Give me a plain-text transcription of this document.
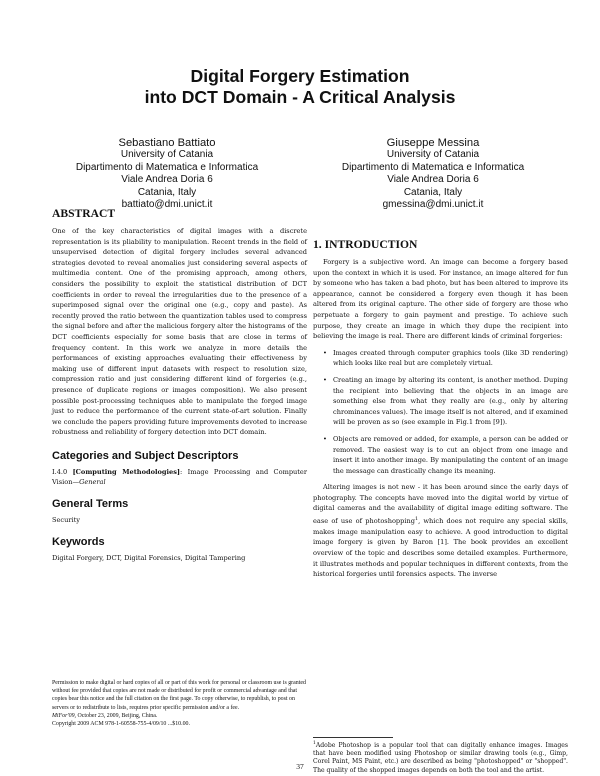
Digital Forgery Estimation
into DCT Domain - A Critical Analysis
Sebastiano Battiato
University of Catania
Dipartimento di Matematica e Informatica
Viale Andrea Doria 6
Catania, Italy
battiato@dmi.unict.it
Giuseppe Messina
University of Catania
Dipartimento di Matematica e Informatica
Viale Andrea Doria 6
Catania, Italy
gmessina@dmi.unict.it
ABSTRACT

One of the key characteristics of digital images with a discrete representation is its pliability to manipulation. Recent trends in the field of unsupervised detection of digital forgery includes several advanced strategies devoted to reveal anomalies just considering several aspects of multimedia content. One of the promising approach, among others, considers the possibility to exploit the statistical distribution of DCT coefficients in order to reveal the irregularities due to the presence of a superimposed signal over the original one (e.g., copy and paste). As recently proved the ratio between the quantization tables used to compress the signal before and after the malicious forgery alter the histograms of the DCT coefficients especially for some basis that are close in terms of frequency content. In this work we analyze in more details the performances of existing approaches evaluating their effectiveness by making use of different input datasets with respect to resolution size, compression ratio and just considering different kind of forgeries (e.g., presence of duplicate regions or images composition). We also present possible post-processing techniques able to manipulate the forged image just to reduce the performance of the current state-of-art solution. Finally we conclude the papers providing future improvements devoted to increase robustness and reliability of forgery detection into DCT domain.

Categories and Subject Descriptors

I.4.0 [Computing Methodologies]: Image Processing and Computer Vision—General

General Terms

Security

Keywords

Digital Forgery, DCT, Digital Forensics, Digital Tampering

Permission to make digital or hard copies of all or part of this work for personal or classroom use is granted without fee provided that copies are not made or distributed for profit or commercial advantage and that copies bear this notice and the full citation on the first page. To copy otherwise, to republish, to post on servers or to redistribute to lists, requires prior specific permission and/or a fee.
MiFor'09, October 23, 2009, Beijing, China.
Copyright 2009 ACM 978-1-60558-755-4/09/10 ...$10.00.
1. INTRODUCTION

Forgery is a subjective word. An image can become a forgery based upon the context in which it is used. For instance, an image altered for fun by someone who has taken a bad photo, but has been altered to improve its appearance, cannot be considered a forgery even though it has been altered from its original capture. The other side of forgery are those who perpetuate a forgery to gain payment and prestige. To achieve such purpose, they create an image in which they dupe the recipient into believing the image is real. There are different kinds of criminal forgeries:

• Images created through computer graphics tools (like 3D rendering) which looks like real but are completely virtual.
• Creating an image by altering its content, is another method. Duping the recipient into believing that the objects in an image are something else from what they really are (e.g., only by altering chrominances values). The image itself is not altered, and if examined will be proven as so (see example in Fig.1 from [9]).
• Objects are removed or added, for example, a person can be added or removed. The easiest way is to cut an object from one image and insert it into another image. By manipulating the content of an image the message can drastically change its meaning.

Altering images is not new - it has been around since the early days of photography. The concepts have moved into the digital world by virtue of digital cameras and the availability of digital image editing software. The ease of use of photoshopping$^1$, which does not require any special skills, makes image manipulation easy to achieve. A good introduction to digital image forgery is given by Baron [1]. The book provides an excellent overview of the topic and describes some detailed examples. Furthermore, it illustrates methods and popular techniques in different contexts, from the historical forgeries until forensics aspects. The inverse

$^1$Adobe Photoshop is a popular tool that can digitally enhance images. Images that have been modified using Photoshop or similar drawing tools (e.g., Gimp, Corel Paint, MS Paint, etc.) are described as being "photoshopped" or "shopped". The quality of the shopped images depends on both the tool and the artist.
37
